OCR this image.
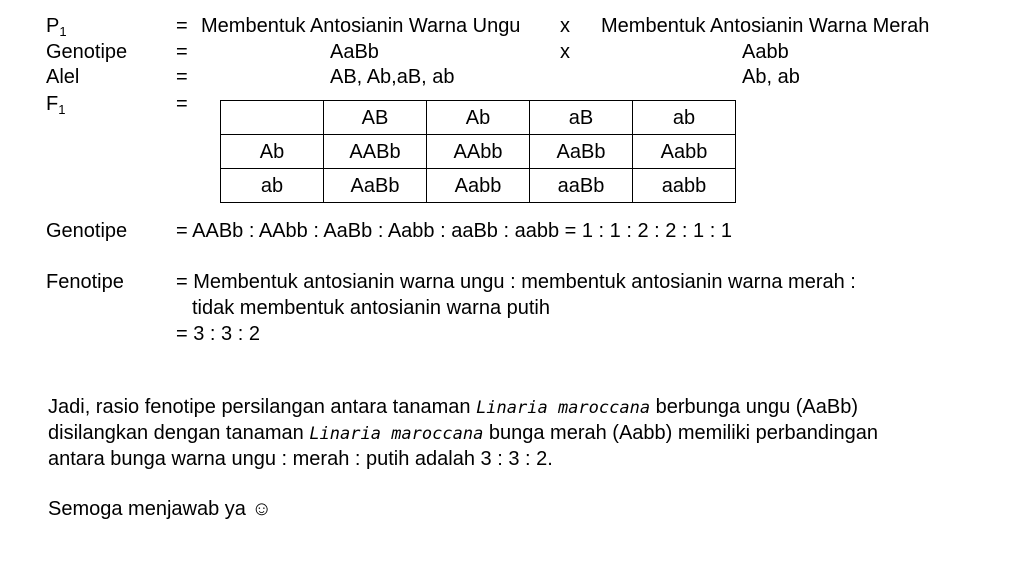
$P_1$	= Membentuk Antosianin Warna Ungu x Membentuk Antosianin Warna Merah
Genotipe =	AaBb	x	Aabb
Alel	=	AB, Ab,aB, ab	Ab, ab
$F_1$	=
	AB	Ab	aB	ab
Ab	AABb	AAbb	AaBb	Aabb
ab	AaBb	Aabb	aaBb	aabb
Genotipe = AABb : AAbb : AaBb : Aabb : aaBb : aabb = 1 : 1 : 2 : 2 : 1 : 1
Fenotipe	= Membentuk antosianin warna ungu : membentuk antosianin warna merah :
tidak membentuk antosianin warna putih
= 3 : 3 : 2
Jadi, rasio fenotipe persilangan antara tanaman Linaria maroccana berbunga ungu (AaBb)
disilangkan dengan tanaman Linaria maroccana bunga merah (Aabb) memiliki perbandingan
antara bunga warna ungu : merah : putih adalah 3 : 3 : 2.
Semoga menjawab ya ☺
